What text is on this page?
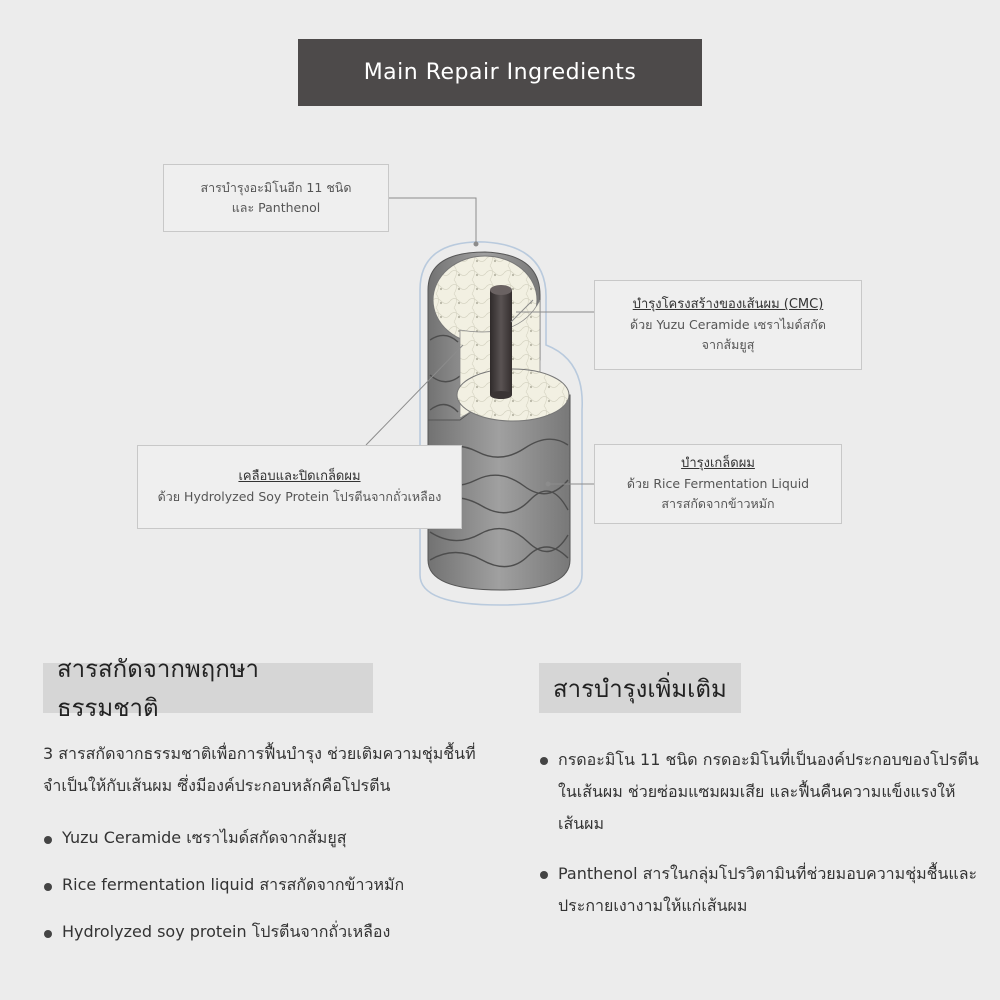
Main Repair Ingredients
สารบำรุงอะมิโนอีก 11 ชนิด
และ Panthenol
บำรุงโครงสร้างของเส้นผม (CMC)
ด้วย Yuzu Ceramide เซราไมด์สกัด
จากส้มยูสุ
เคลือบและปิดเกล็ดผม
ด้วย Hydrolyzed Soy Protein โปรตีนจากถั่วเหลือง
บำรุงเกล็ดผม
ด้วย Rice Fermentation Liquid
สารสกัดจากข้าวหมัก
สารสกัดจากพฤกษาธรรมชาติ
สารบำรุงเพิ่มเติม
3 สารสกัดจากธรรมชาติเพื่อการฟื้นบำรุง ช่วยเติมความชุ่มชื้นที่จำเป็นให้กับเส้นผม ซึ่งมีองค์ประกอบหลักคือโปรตีน
Yuzu Ceramide เซราไมด์สกัดจากส้มยูสุ
Rice fermentation liquid สารสกัดจากข้าวหมัก
Hydrolyzed soy protein โปรตีนจากถั่วเหลือง
กรดอะมิโน 11 ชนิด กรดอะมิโนที่เป็นองค์ประกอบของโปรตีนในเส้นผม ช่วยซ่อมแซมผมเสีย และฟื้นคืนความแข็งแรงให้เส้นผม
Panthenol สารในกลุ่มโปรวิตามินที่ช่วยมอบความชุ่มชื้นและประกายเงางามให้แก่เส้นผม
